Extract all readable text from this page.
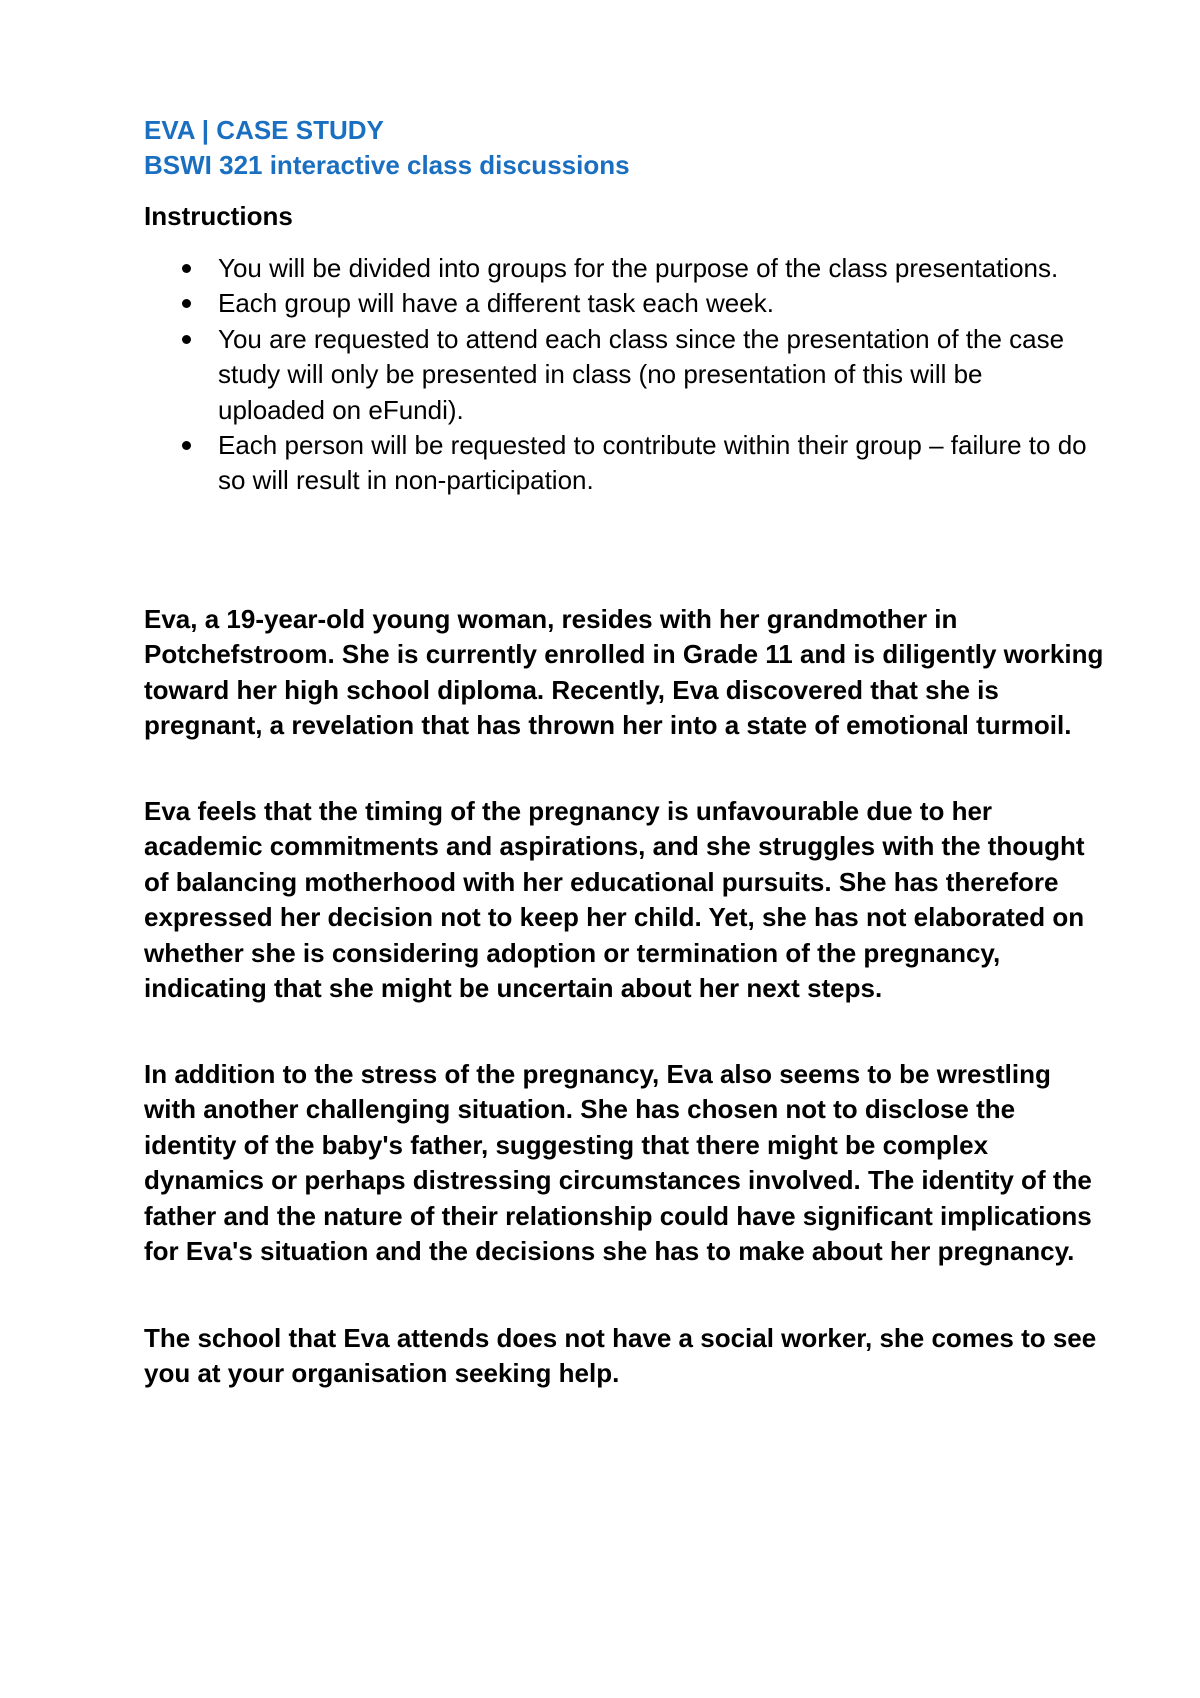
EVA | CASE STUDY
BSWI 321 interactive class discussions
Instructions
You will be divided into groups for the purpose of the class presentations.
Each group will have a different task each week.
You are requested to attend each class since the presentation of the case study will only be presented in class (no presentation of this will be uploaded on eFundi).
Each person will be requested to contribute within their group – failure to do so will result in non-participation.

Eva, a 19-year-old young woman, resides with her grandmother in Potchefstroom. She is currently enrolled in Grade 11 and is diligently working toward her high school diploma. Recently, Eva discovered that she is pregnant, a revelation that has thrown her into a state of emotional turmoil.

Eva feels that the timing of the pregnancy is unfavourable due to her academic commitments and aspirations, and she struggles with the thought of balancing motherhood with her educational pursuits. She has therefore expressed her decision not to keep her child. Yet, she has not elaborated on whether she is considering adoption or termination of the pregnancy, indicating that she might be uncertain about her next steps.

In addition to the stress of the pregnancy, Eva also seems to be wrestling with another challenging situation. She has chosen not to disclose the identity of the baby's father, suggesting that there might be complex dynamics or perhaps distressing circumstances involved. The identity of the father and the nature of their relationship could have significant implications for Eva's situation and the decisions she has to make about her pregnancy.

The school that Eva attends does not have a social worker, she comes to see you at your organisation seeking help.
